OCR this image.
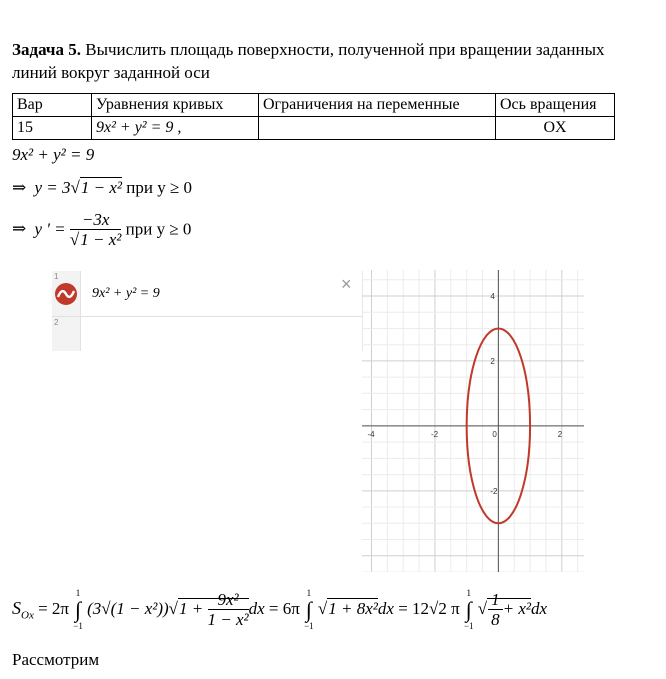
Задача 5. Вычислить площадь поверхности, полученной при вращении заданных линий вокруг заданной оси
Вар	Уравнения кривых	Ограничения на переменные	Ось вращения
15	9x² + y² = 9 ,		OX
9x² + y² = 9
⇒ y = 3√1 − x² при y ≥ 0
⇒ y ' = $\frac{-3x}{\text{√1 − x²}}$ при y ≥ 0
1
2
9x² + y² = 9	×
-4	-2	0	2
4
2
-2
$S_{Ox} = 2\pi$
1
∫
−1
$(3√(1 - x^2))√1 + \frac{\text{9x²}}{\text{1 − x²}}$ dx = 6π
1
∫
−1
√1 + 8x²dx = 12√2 π
1
∫
−1
√ $\frac{1}{8} + x^2dx$
Рассмотрим
